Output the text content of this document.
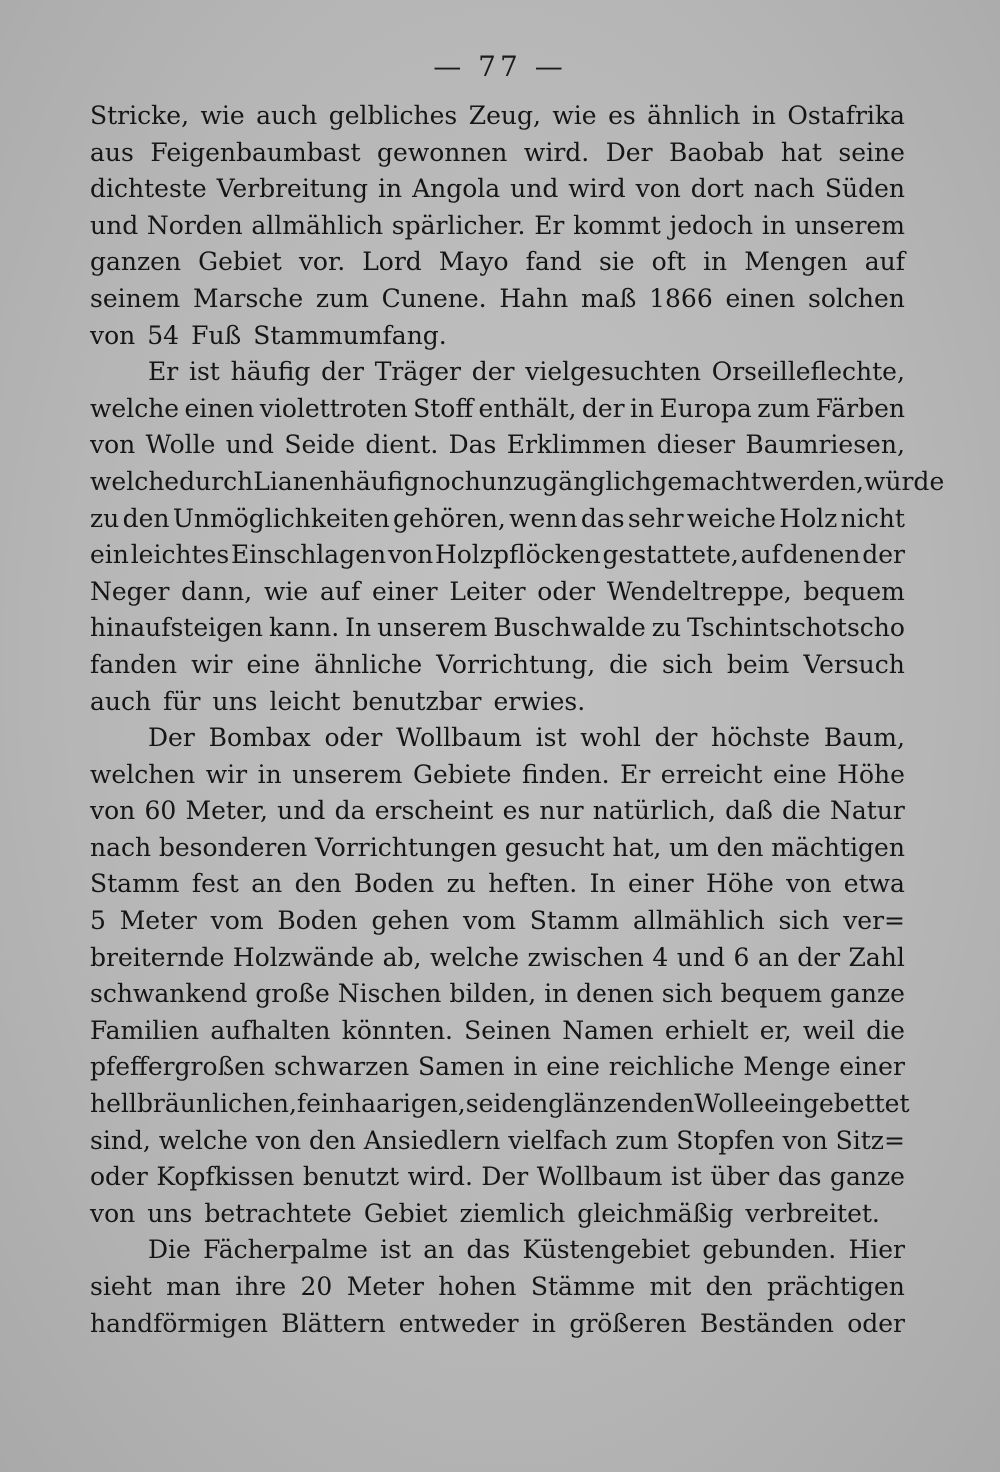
— 77 —
Stricke, wie auch gelbliches Zeug, wie es ähnlich in Ostafrika
aus Feigenbaumbast gewonnen wird. Der Baobab hat seine
dichteste Verbreitung in Angola und wird von dort nach Süden
und Norden allmählich spärlicher. Er kommt jedoch in unserem
ganzen Gebiet vor. Lord Mayo fand sie oft in Mengen auf
seinem Marsche zum Cunene. Hahn maß 1866 einen solchen
von 54 Fuß Stammumfang.
Er ist häufig der Träger der vielgesuchten Orseilleflechte,
welche einen violettroten Stoff enthält, der in Europa zum Färben
von Wolle und Seide dient. Das Erklimmen dieser Baumriesen,
welche durch Lianen häufig noch unzugänglich gemacht werden, würde
zu den Unmöglichkeiten gehören, wenn das sehr weiche Holz nicht
ein leichtes Einschlagen von Holzpflöcken gestattete, auf denen der
Neger dann, wie auf einer Leiter oder Wendeltreppe, bequem
hinaufsteigen kann. In unserem Buschwalde zu Tschintschotscho
fanden wir eine ähnliche Vorrichtung, die sich beim Versuch
auch für uns leicht benutzbar erwies.
Der Bombax oder Wollbaum ist wohl der höchste Baum,
welchen wir in unserem Gebiete finden. Er erreicht eine Höhe
von 60 Meter, und da erscheint es nur natürlich, daß die Natur
nach besonderen Vorrichtungen gesucht hat, um den mächtigen
Stamm fest an den Boden zu heften. In einer Höhe von etwa
5 Meter vom Boden gehen vom Stamm allmählich sich ver=
breiternde Holzwände ab, welche zwischen 4 und 6 an der Zahl
schwankend große Nischen bilden, in denen sich bequem ganze
Familien aufhalten könnten. Seinen Namen erhielt er, weil die
pfeffergroßen schwarzen Samen in eine reichliche Menge einer
hellbräunlichen, feinhaarigen, seidenglänzenden Wolle eingebettet
sind, welche von den Ansiedlern vielfach zum Stopfen von Sitz=
oder Kopfkissen benutzt wird. Der Wollbaum ist über das ganze
von uns betrachtete Gebiet ziemlich gleichmäßig verbreitet.
Die Fächerpalme ist an das Küstengebiet gebunden. Hier
sieht man ihre 20 Meter hohen Stämme mit den prächtigen
handförmigen Blättern entweder in größeren Beständen oder
